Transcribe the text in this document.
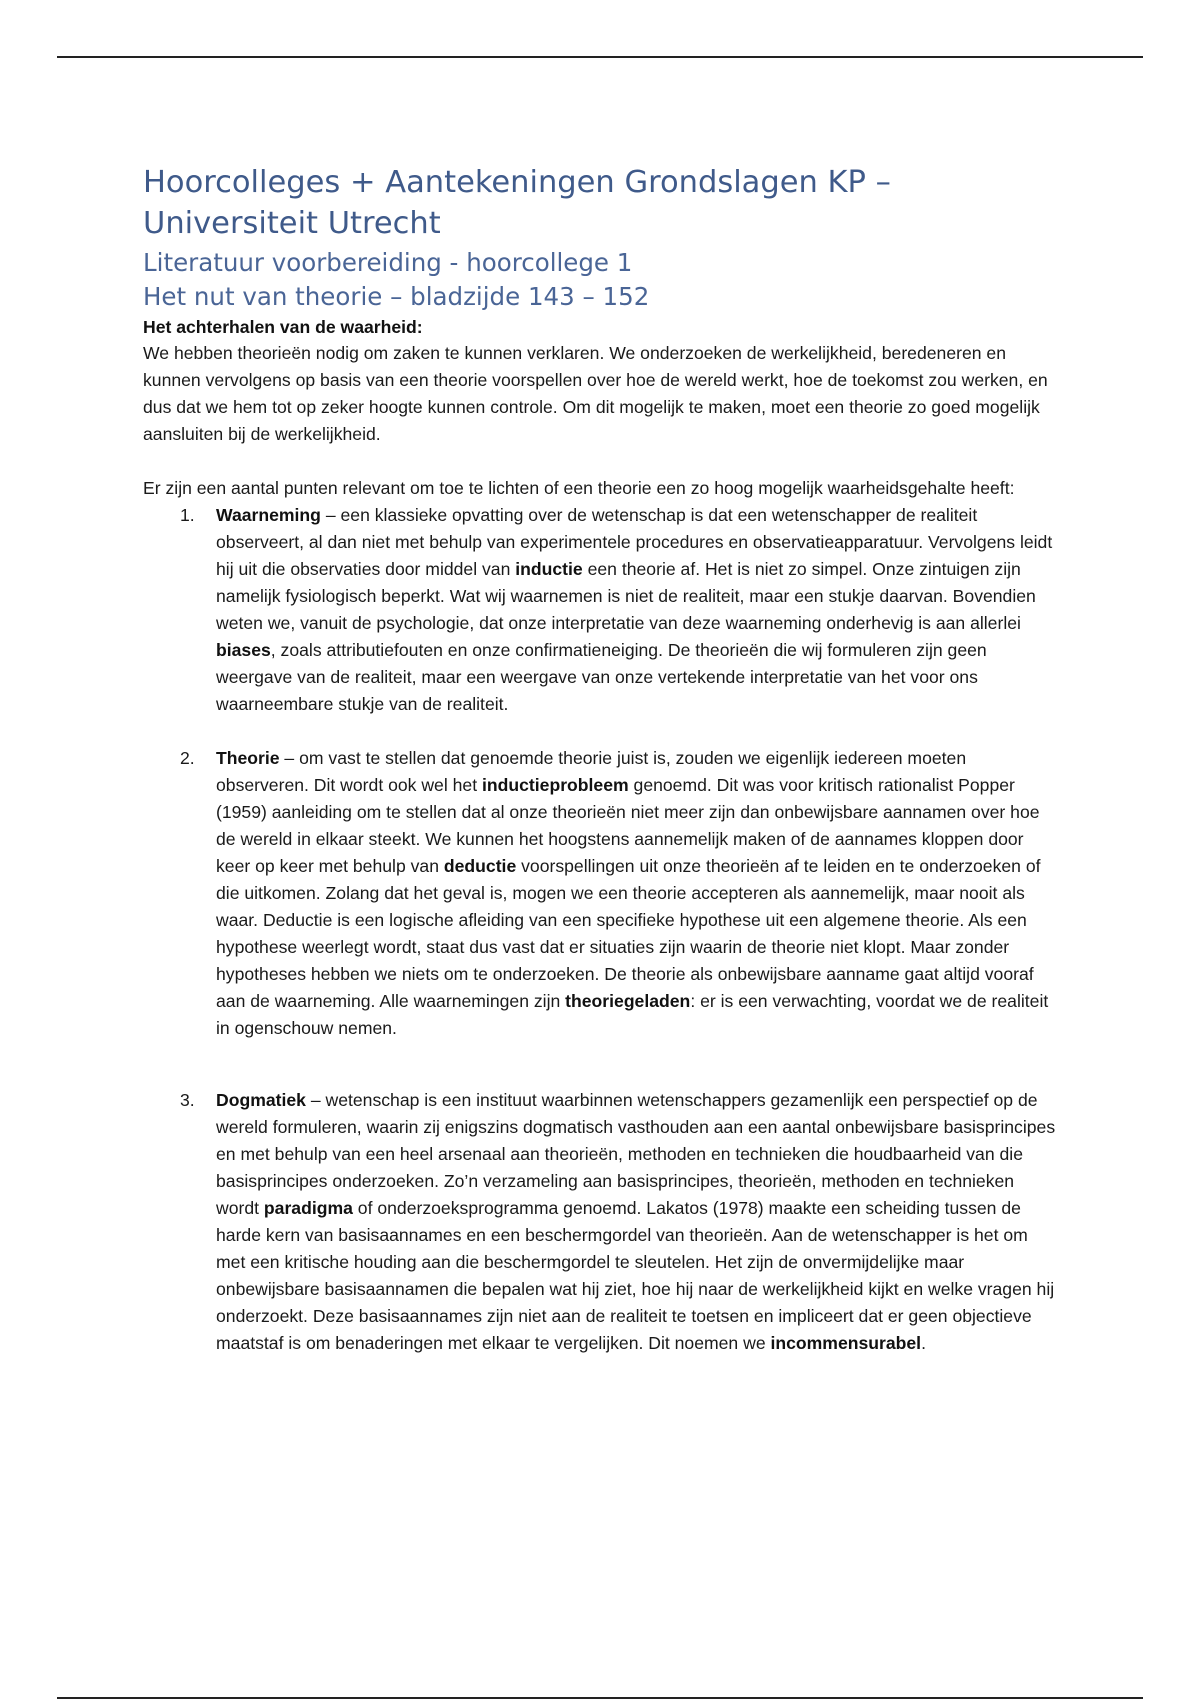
Hoorcolleges + Aantekeningen Grondslagen KP – Universiteit Utrecht
Literatuur voorbereiding - hoorcollege 1
Het nut van theorie – bladzijde 143 – 152
Het achterhalen van de waarheid:

We hebben theorieën nodig om zaken te kunnen verklaren. We onderzoeken de werkelijkheid, beredeneren en kunnen vervolgens op basis van een theorie voorspellen over hoe de wereld werkt, hoe de toekomst zou werken, en dus dat we hem tot op zeker hoogte kunnen controle. Om dit mogelijk te maken, moet een theorie zo goed mogelijk aansluiten bij de werkelijkheid.

Er zijn een aantal punten relevant om toe te lichten of een theorie een zo hoog mogelijk waarheidsgehalte heeft:

1. Waarneming – een klassieke opvatting over de wetenschap is dat een wetenschapper de realiteit observeert, al dan niet met behulp van experimentele procedures en observatieapparatuur. Vervolgens leidt hij uit die observaties door middel van inductie een theorie af. Het is niet zo simpel. Onze zintuigen zijn namelijk fysiologisch beperkt. Wat wij waarnemen is niet de realiteit, maar een stukje daarvan. Bovendien weten we, vanuit de psychologie, dat onze interpretatie van deze waarneming onderhevig is aan allerlei biases, zoals attributiefouten en onze confirmatieneiging. De theorieën die wij formuleren zijn geen weergave van de realiteit, maar een weergave van onze vertekende interpretatie van het voor ons waarneembare stukje van de realiteit.
2. Theorie – om vast te stellen dat genoemde theorie juist is, zouden we eigenlijk iedereen moeten observeren. Dit wordt ook wel het inductieprobleem genoemd. Dit was voor kritisch rationalist Popper (1959) aanleiding om te stellen dat al onze theorieën niet meer zijn dan onbewijsbare aannamen over hoe de wereld in elkaar steekt. We kunnen het hoogstens aannemelijk maken of de aannames kloppen door keer op keer met behulp van deductie voorspellingen uit onze theorieën af te leiden en te onderzoeken of die uitkomen. Zolang dat het geval is, mogen we een theorie accepteren als aannemelijk, maar nooit als waar. Deductie is een logische afleiding van een specifieke hypothese uit een algemene theorie. Als een hypothese weerlegt wordt, staat dus vast dat er situaties zijn waarin de theorie niet klopt. Maar zonder hypotheses hebben we niets om te onderzoeken. De theorie als onbewijsbare aanname gaat altijd vooraf aan de waarneming. Alle waarnemingen zijn theoriegeladen: er is een verwachting, voordat we de realiteit in ogenschouw nemen.
3. Dogmatiek – wetenschap is een instituut waarbinnen wetenschappers gezamenlijk een perspectief op de wereld formuleren, waarin zij enigszins dogmatisch vasthouden aan een aantal onbewijsbare basisprincipes en met behulp van een heel arsenaal aan theorieën, methoden en technieken die houdbaarheid van die basisprincipes onderzoeken. Zo’n verzameling aan basisprincipes, theorieën, methoden en technieken wordt paradigma of onderzoeksprogramma genoemd. Lakatos (1978) maakte een scheiding tussen de harde kern van basisaannames en een beschermgordel van theorieën. Aan de wetenschapper is het om met een kritische houding aan die beschermgordel te sleutelen. Het zijn de onvermijdelijke maar onbewijsbare basisaannamen die bepalen wat hij ziet, hoe hij naar de werkelijkheid kijkt en welke vragen hij onderzoekt. Deze basisaannames zijn niet aan de realiteit te toetsen en impliceert dat er geen objectieve maatstaf is om benaderingen met elkaar te vergelijken. Dit noemen we incommensurabel.
